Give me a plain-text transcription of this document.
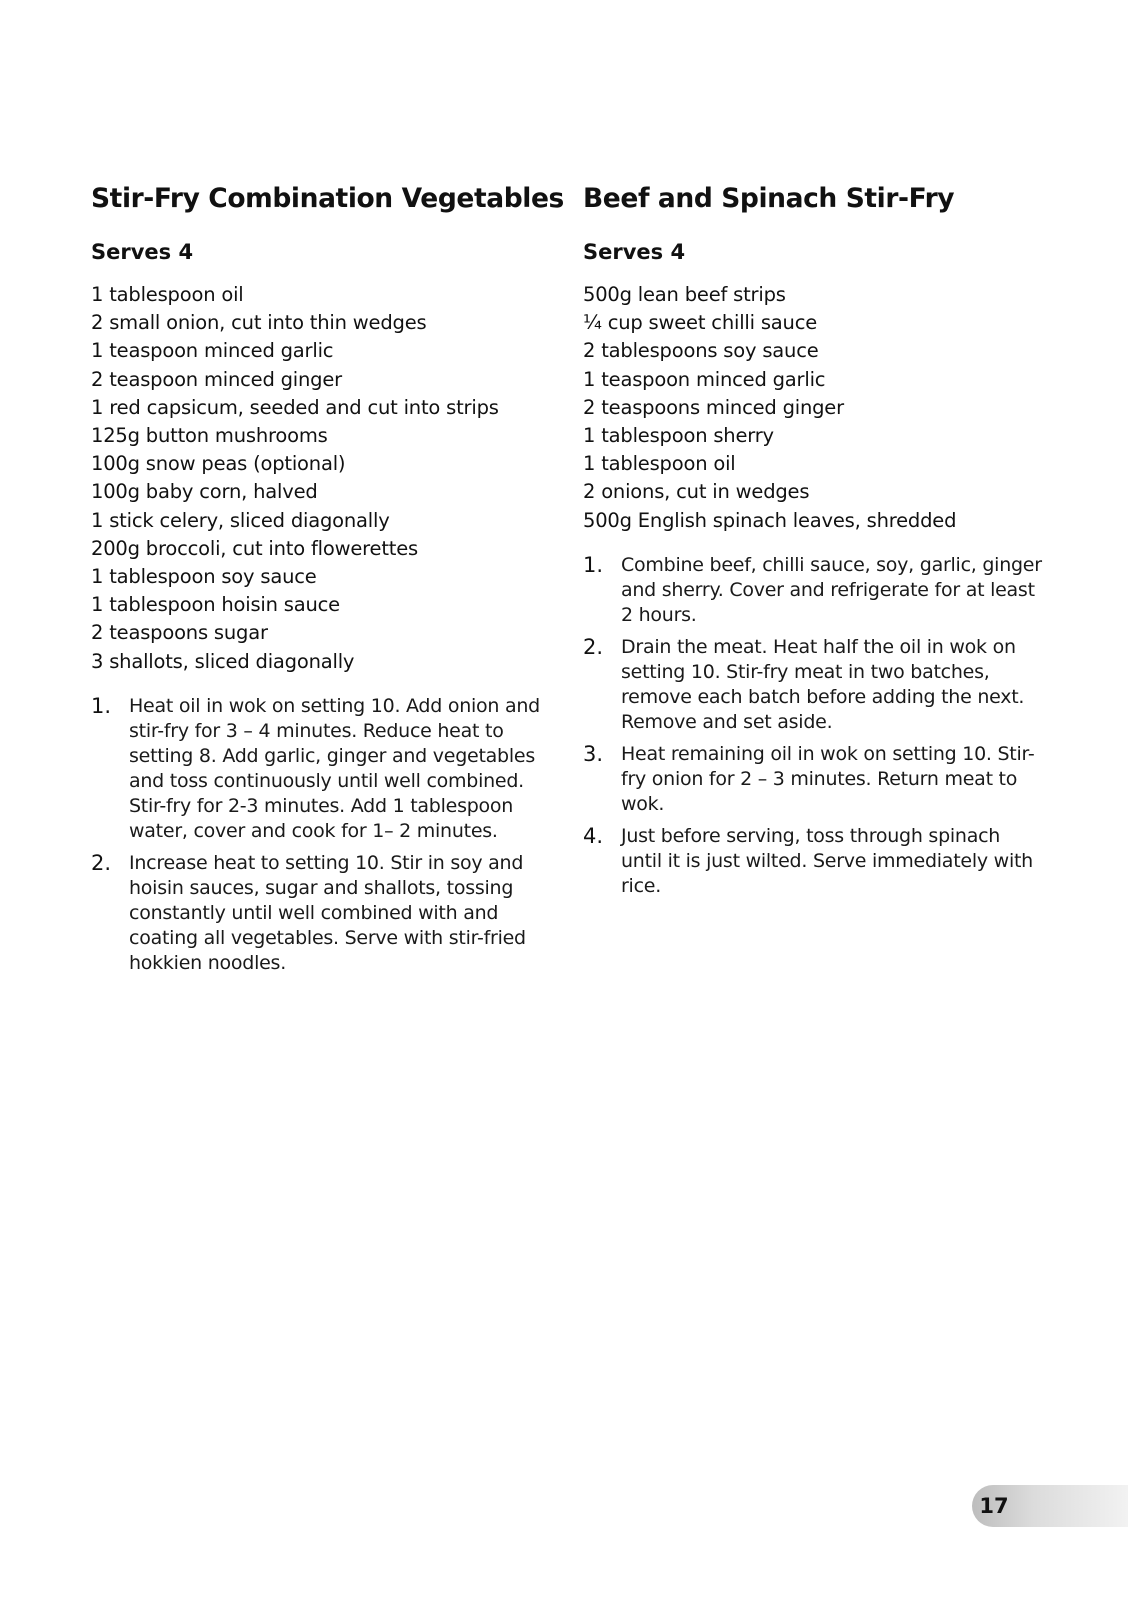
Stir-Fry Combination Vegetables
Serves 4
1 tablespoon oil
2 small onion, cut into thin wedges
1 teaspoon minced garlic
2 teaspoon minced ginger
1 red capsicum, seeded and cut into strips
125g button mushrooms
100g snow peas (optional)
100g baby corn, halved
1 stick celery, sliced diagonally
200g broccoli, cut into flowerettes
1 tablespoon soy sauce
1 tablespoon hoisin sauce
2 teaspoons sugar
3 shallots, sliced diagonally
1. Heat oil in wok on setting 10. Add onion and stir-fry for 3 – 4 minutes. Reduce heat to setting 8. Add garlic, ginger and vegetables and toss continuously until well combined. Stir-fry for 2-3 minutes. Add 1 tablespoon water, cover and cook for 1– 2 minutes.
2. Increase heat to setting 10. Stir in soy and hoisin sauces, sugar and shallots, tossing constantly until well combined with and coating all vegetables. Serve with stir-fried hokkien noodles.
Beef and Spinach Stir-Fry
Serves 4
500g lean beef strips
¼ cup sweet chilli sauce
2 tablespoons soy sauce
1 teaspoon minced garlic
2 teaspoons minced ginger
1 tablespoon sherry
1 tablespoon oil
2 onions, cut in wedges
500g English spinach leaves, shredded
1. Combine beef, chilli sauce, soy, garlic, ginger and sherry. Cover and refrigerate for at least 2 hours.
2. Drain the meat. Heat half the oil in wok on setting 10. Stir-fry meat in two batches, remove each batch before adding the next. Remove and set aside.
3. Heat remaining oil in wok on setting 10. Stir-fry onion for 2 – 3 minutes. Return meat to wok.
4. Just before serving, toss through spinach until it is just wilted. Serve immediately with rice.
17
